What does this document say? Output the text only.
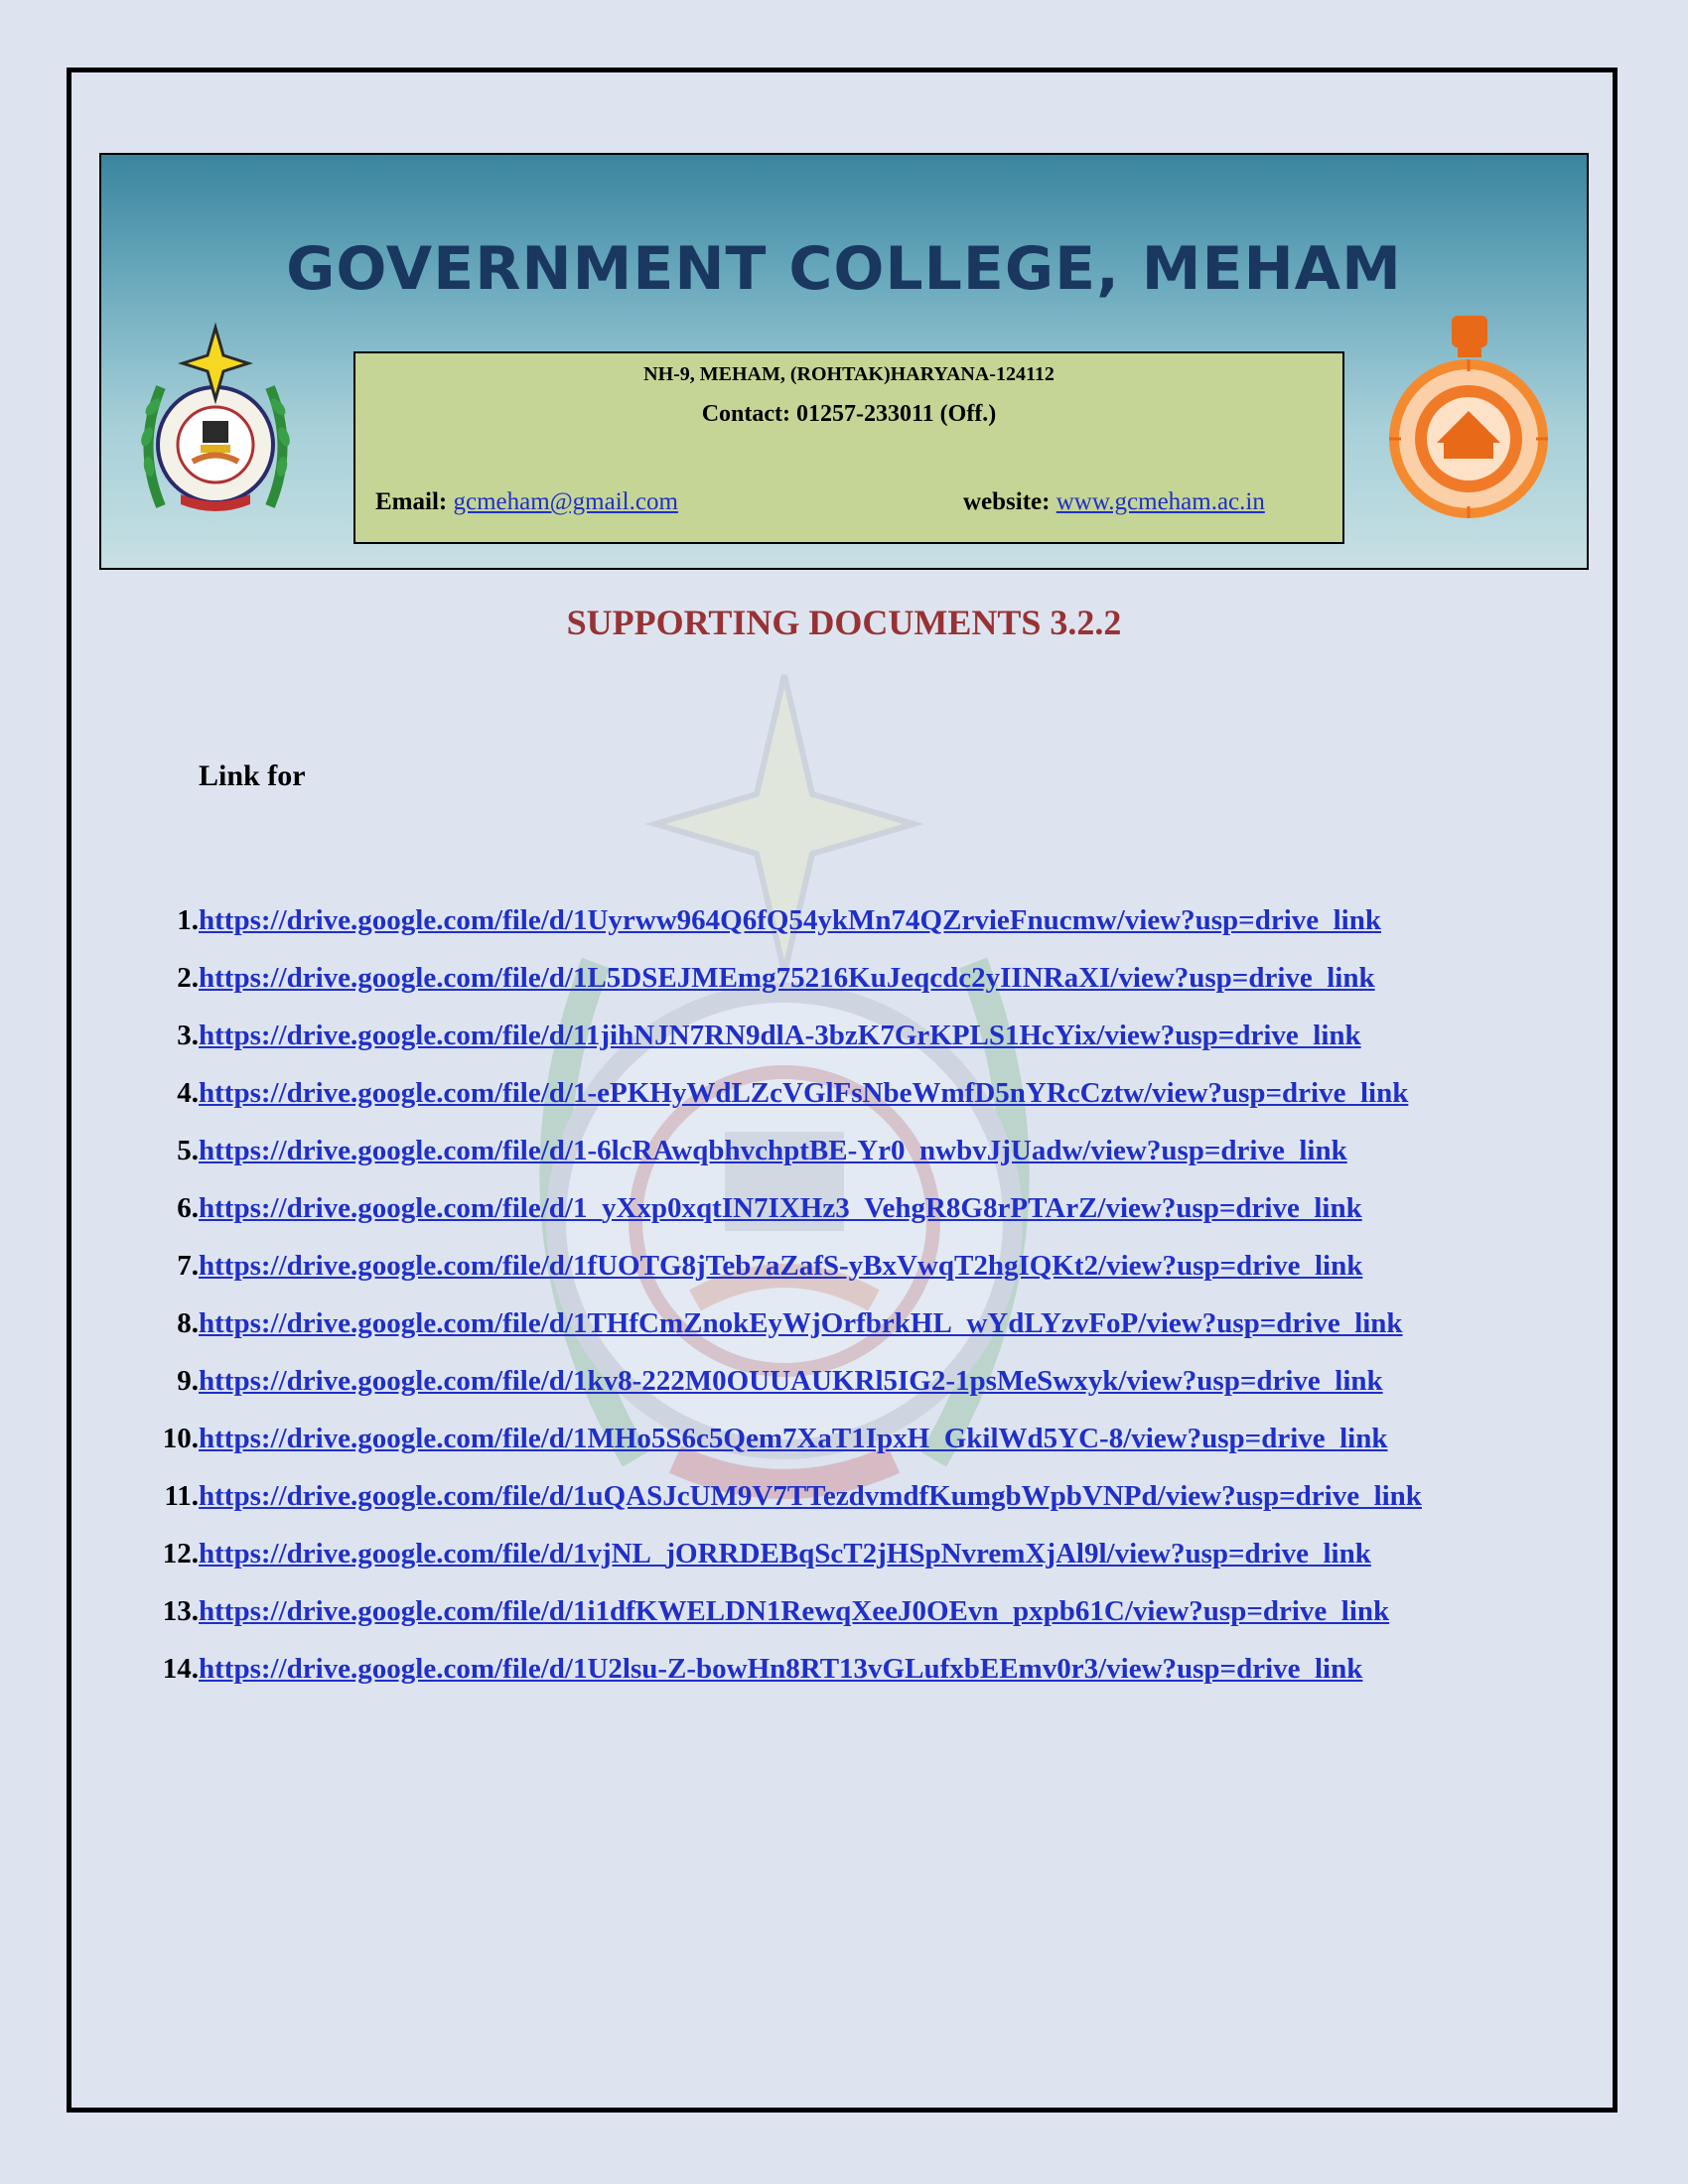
GOVERNMENT COLLEGE, MEHAM
NH-9, MEHAM, (ROHTAK)HARYANA-124112
Contact: 01257-233011 (Off.)
Email: gcmeham@gmail.com	website: www.gcmeham.ac.in
SUPPORTING DOCUMENTS 3.2.2
Link for
1. https://drive.google.com/file/d/1Uyrww964Q6fQ54ykMn74QZrvieFnucmw/view?usp=drive_link
2. https://drive.google.com/file/d/1L5DSEJMEmg75216KuJeqcdc2yIINRaXI/view?usp=drive_link
3. https://drive.google.com/file/d/11jihNJN7RN9dlA-3bzK7GrKPLS1HcYix/view?usp=drive_link
4. https://drive.google.com/file/d/1-ePKHyWdLZcVGlFsNbeWmfD5nYRcCztw/view?usp=drive_link
5. https://drive.google.com/file/d/1-6lcRAwqbhvchptBE-Yr0_nwbvJjUadw/view?usp=drive_link
6. https://drive.google.com/file/d/1_yXxp0xqtIN7IXHz3_VehgR8G8rPTArZ/view?usp=drive_link
7. https://drive.google.com/file/d/1fUOTG8jTeb7aZafS-yBxVwqT2hgIQKt2/view?usp=drive_link
8. https://drive.google.com/file/d/1THfCmZnokEyWjOrfbrkHL_wYdLYzvFoP/view?usp=drive_link
9. https://drive.google.com/file/d/1kv8-222M0OUUAUKRl5IG2-1psMeSwxyk/view?usp=drive_link
10. https://drive.google.com/file/d/1MHo5S6c5Qem7XaT1IpxH_GkilWd5YC-8/view?usp=drive_link
11. https://drive.google.com/file/d/1uQASJcUM9V7TTezdvmdfKumgbWpbVNPd/view?usp=drive_link
12. https://drive.google.com/file/d/1vjNL_jORRDEBqScT2jHSpNvremXjAl9l/view?usp=drive_link
13. https://drive.google.com/file/d/1i1dfKWELDN1RewqXeeJ0OEvn_pxpb61C/view?usp=drive_link
14. https://drive.google.com/file/d/1U2lsu-Z-bowHn8RT13vGLufxbEEmv0r3/view?usp=drive_link
